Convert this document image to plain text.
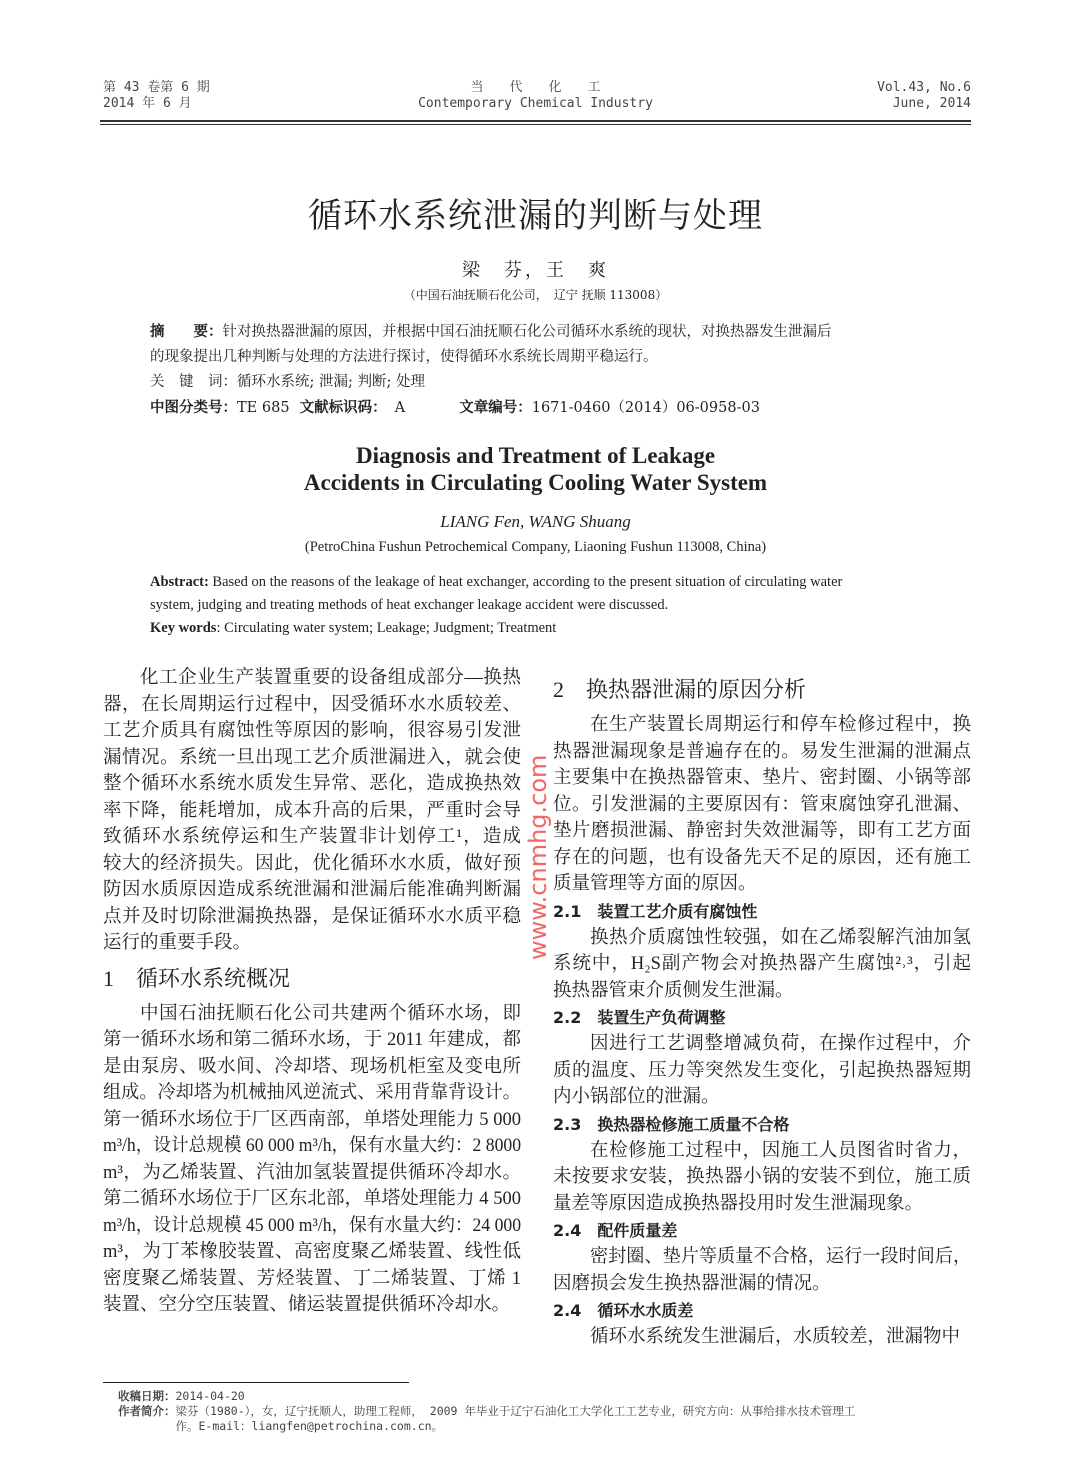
第 43 卷第 6 期
2014 年 6 月
当　　代　　化　　工
Contemporary Chemical Industry
Vol.43, No.6
June, 2014
循环水系统泄漏的判断与处理
梁　芬，王　爽
（中国石油抚顺石化公司，　辽宁 抚顺 113008）
摘　　要：针对换热器泄漏的原因，并根据中国石油抚顺石化公司循环水系统的现状，对换热器发生泄漏后
的现象提出几种判断与处理的方法进行探讨，使得循环水系统长周期平稳运行。
关　键　词：循环水系统; 泄漏; 判断; 处理
中图分类号：TE 685 文献标识码： A	文章编号：1671-0460（2014）06-0958-03
Diagnosis and Treatment of Leakage
Accidents in Circulating Cooling Water System
LIANG Fen, WANG Shuang
(PetroChina Fushun Petrochemical Company, Liaoning Fushun 113008, China)
Abstract: Based on the reasons of the leakage of heat exchanger, according to the present situation of circulating water
system, judging and treating methods of heat exchanger leakage accident were discussed.
Key words: Circulating water system; Leakage; Judgment; Treatment
化工企业生产装置重要的设备组成部分—换热
器，在长周期运行过程中，因受循环水水质较差、
工艺介质具有腐蚀性等原因的影响，很容易引发泄
漏情况。系统一旦出现工艺介质泄漏进入，就会使
整个循环水系统水质发生异常、恶化，造成换热效
率下降，能耗增加，成本升高的后果，严重时会导
致循环水系统停运和生产装置非计划停工¹，造成
较大的经济损失。因此，优化循环水水质，做好预
防因水质原因造成系统泄漏和泄漏后能准确判断漏
点并及时切除泄漏换热器，是保证循环水水质平稳
运行的重要手段。
1　循环水系统概况
中国石油抚顺石化公司共建两个循环水场，即
第一循环水场和第二循环水场，于 2011 年建成，都
是由泵房、吸水间、冷却塔、现场机柜室及变电所
组成。冷却塔为机械抽风逆流式、采用背靠背设计。
第一循环水场位于厂区西南部，单塔处理能力 5 000
m³/h，设计总规模 60 000 m³/h，保有水量大约：2 8000
m³，为乙烯装置、汽油加氢装置提供循环冷却水。
第二循环水场位于厂区东北部，单塔处理能力 4 500
m³/h，设计总规模 45 000 m³/h，保有水量大约：24 000
m³，为丁苯橡胶装置、高密度聚乙烯装置、线性低
密度聚乙烯装置、芳烃装置、丁二烯装置、丁烯 1
装置、空分空压装置、储运装置提供循环冷却水。
2　换热器泄漏的原因分析
在生产装置长周期运行和停车检修过程中，换
热器泄漏现象是普遍存在的。易发生泄漏的泄漏点
主要集中在换热器管束、垫片、密封圈、小锅等部
位。引发泄漏的主要原因有：管束腐蚀穿孔泄漏、
垫片磨损泄漏、静密封失效泄漏等，即有工艺方面
存在的问题，也有设备先天不足的原因，还有施工
质量管理等方面的原因。
2.1　装置工艺介质有腐蚀性
换热介质腐蚀性较强，如在乙烯裂解汽油加氢
系统中，H₂S副产物会对换热器产生腐蚀²˒³，引起
换热器管束介质侧发生泄漏。
2.2　装置生产负荷调整
因进行工艺调整增减负荷，在操作过程中，介
质的温度、压力等突然发生变化，引起换热器短期
内小锅部位的泄漏。
2.3　换热器检修施工质量不合格
在检修施工过程中，因施工人员图省时省力，
未按要求安装，换热器小锅的安装不到位，施工质
量差等原因造成换热器投用时发生泄漏现象。
2.4　配件质量差
密封圈、垫片等质量不合格，运行一段时间后，
因磨损会发生换热器泄漏的情况。
2.4　循环水水质差
循环水系统发生泄漏后，水质较差，泄漏物中
www.cnmhg.com
收稿日期：2014-04-20
作者简介： 梁芬（1980-），女，辽宁抚顺人，助理工程师， 2009 年毕业于辽宁石油化工大学化工工艺专业，研究方向：从事给排水技术管理工
作。E-mail：liangfen@petrochina.com.cn。
